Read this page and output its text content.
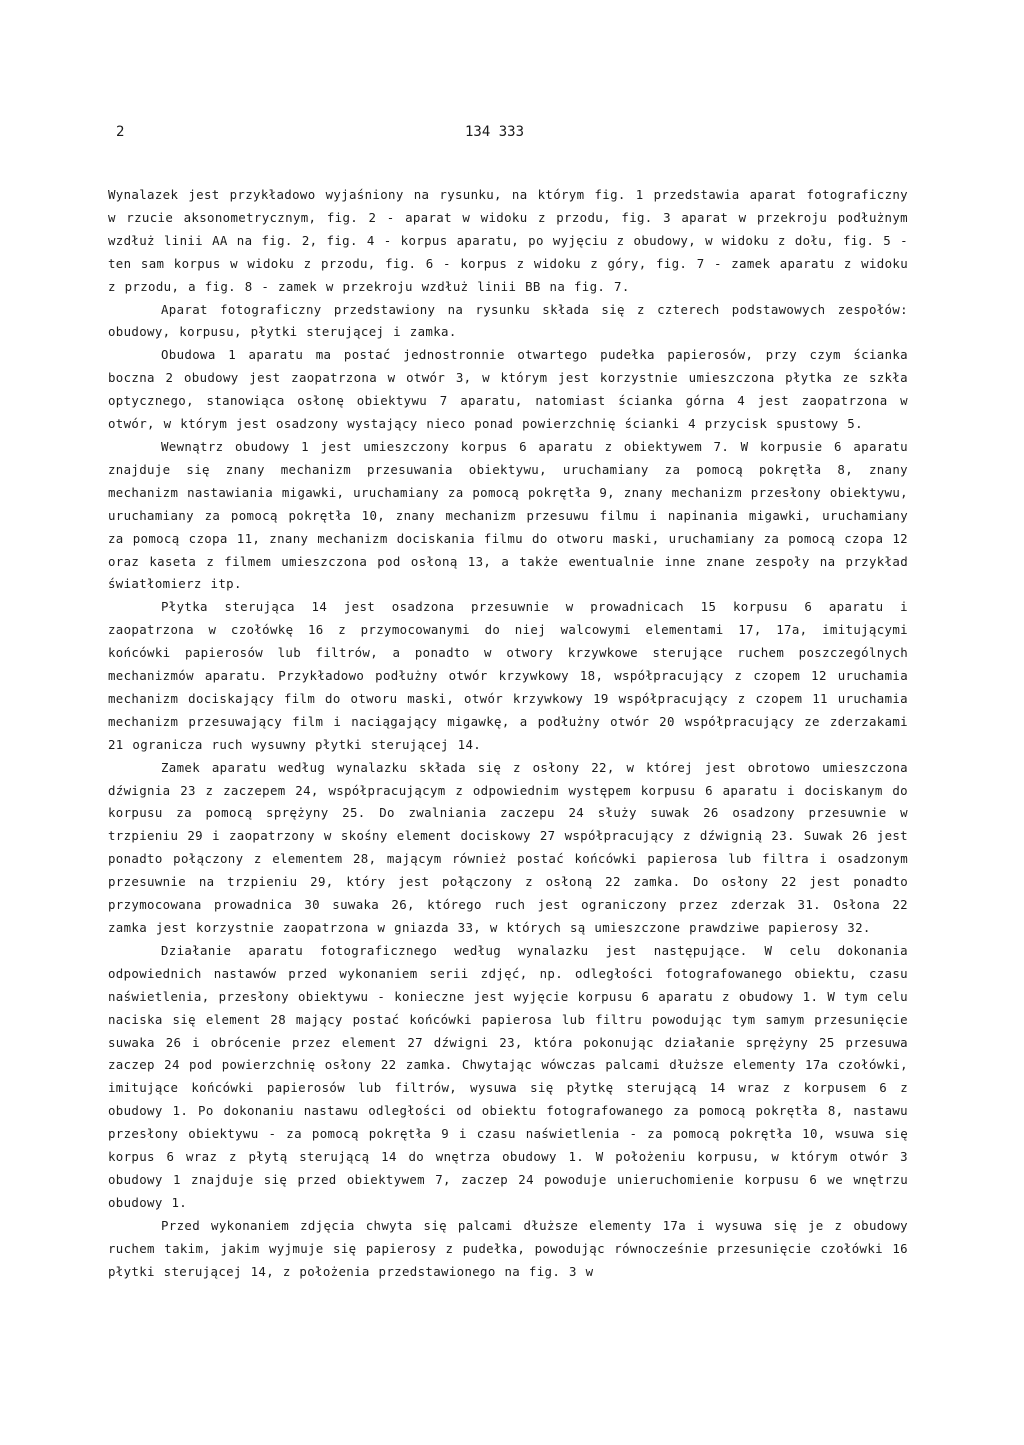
2	134 333

Wynalazek jest przykładowo wyjaśniony na rysunku, na którym fig. 1 przedstawia aparat fotograficzny w rzucie aksonometrycznym, fig. 2 - aparat w widoku z przodu, fig. 3 aparat w przekroju podłużnym wzdłuż linii AA na fig. 2, fig. 4 - korpus aparatu, po wyjęciu z obudowy, w widoku z dołu, fig. 5 - ten sam korpus w widoku z przodu, fig. 6 - korpus z widoku z góry, fig. 7 - zamek aparatu z widoku z przodu, a fig. 8 - zamek w przekroju wzdłuż linii BB na fig. 7.

Aparat fotograficzny przedstawiony na rysunku składa się z czterech podstawowych zespołów: obudowy, korpusu, płytki sterującej i zamka.

Obudowa 1 aparatu ma postać jednostronnie otwartego pudełka papierosów, przy czym ścianka boczna 2 obudowy jest zaopatrzona w otwór 3, w którym jest korzystnie umieszczona płytka ze szkła optycznego, stanowiąca osłonę obiektywu 7 aparatu, natomiast ścianka górna 4 jest zaopatrzona w otwór, w którym jest osadzony wystający nieco ponad powierzchnię ścianki 4 przycisk spustowy 5.

Wewnątrz obudowy 1 jest umieszczony korpus 6 aparatu z obiektywem 7. W korpusie 6 aparatu znajduje się znany mechanizm przesuwania obiektywu, uruchamiany za pomocą pokrętła 8, znany mechanizm nastawiania migawki, uruchamiany za pomocą pokrętła 9, znany mechanizm przesłony obiektywu, uruchamiany za pomocą pokrętła 10, znany mechanizm przesuwu filmu i napinania migawki, uruchamiany za pomocą czopa 11, znany mechanizm dociskania filmu do otworu maski, uruchamiany za pomocą czopa 12 oraz kaseta z filmem umieszczona pod osłoną 13, a także ewentualnie inne znane zespoły na przykład światłomierz itp.

Płytka sterująca 14 jest osadzona przesuwnie w prowadnicach 15 korpusu 6 aparatu i zaopatrzona w czołówkę 16 z przymocowanymi do niej walcowymi elementami 17, 17a, imitującymi końcówki papierosów lub filtrów, a ponadto w otwory krzywkowe sterujące ruchem poszczególnych mechanizmów aparatu. Przykładowo podłużny otwór krzywkowy 18, współpracujący z czopem 12 uruchamia mechanizm dociskający film do otworu maski, otwór krzywkowy 19 współpracujący z czopem 11 uruchamia mechanizm przesuwający film i naciągający migawkę, a podłużny otwór 20 współpracujący ze zderzakami 21 ogranicza ruch wysuwny płytki sterującej 14.

Zamek aparatu według wynalazku składa się z osłony 22, w której jest obrotowo umieszczona dźwignia 23 z zaczepem 24, współpracującym z odpowiednim występem korpusu 6 aparatu i dociskanym do korpusu za pomocą sprężyny 25. Do zwalniania zaczepu 24 służy suwak 26 osadzony przesuwnie w trzpieniu 29 i zaopatrzony w skośny element dociskowy 27 współpracujący z dźwignią 23. Suwak 26 jest ponadto połączony z elementem 28, mającym również postać końcówki papierosa lub filtra i osadzonym przesuwnie na trzpieniu 29, który jest połączony z osłoną 22 zamka. Do osłony 22 jest ponadto przymocowana prowadnica 30 suwaka 26, którego ruch jest ograniczony przez zderzak 31. Osłona 22 zamka jest korzystnie zaopatrzona w gniazda 33, w których są umieszczone prawdziwe papierosy 32.

Działanie aparatu fotograficznego według wynalazku jest następujące. W celu dokonania odpowiednich nastawów przed wykonaniem serii zdjęć, np. odległości fotografowanego obiektu, czasu naświetlenia, przesłony obiektywu - konieczne jest wyjęcie korpusu 6 aparatu z obudowy 1. W tym celu naciska się element 28 mający postać końcówki papierosa lub filtru powodując tym samym przesunięcie suwaka 26 i obrócenie przez element 27 dźwigni 23, która pokonując działanie sprężyny 25 przesuwa zaczep 24 pod powierzchnię osłony 22 zamka. Chwytając wówczas palcami dłuższe elementy 17a czołówki, imitujące końcówki papierosów lub filtrów, wysuwa się płytkę sterującą 14 wraz z korpusem 6 z obudowy 1. Po dokonaniu nastawu odległości od obiektu fotografowanego za pomocą pokrętła 8, nastawu przesłony obiektywu - za pomocą pokrętła 9 i czasu naświetlenia - za pomocą pokrętła 10, wsuwa się korpus 6 wraz z płytą sterującą 14 do wnętrza obudowy 1. W położeniu korpusu, w którym otwór 3 obudowy 1 znajduje się przed obiektywem 7, zaczep 24 powoduje unieruchomienie korpusu 6 we wnętrzu obudowy 1.

Przed wykonaniem zdjęcia chwyta się palcami dłuższe elementy 17a i wysuwa się je z obudowy ruchem takim, jakim wyjmuje się papierosy z pudełka, powodując równocześnie przesunięcie czołówki 16 płytki sterującej 14, z położenia przedstawionego na fig. 3 w
